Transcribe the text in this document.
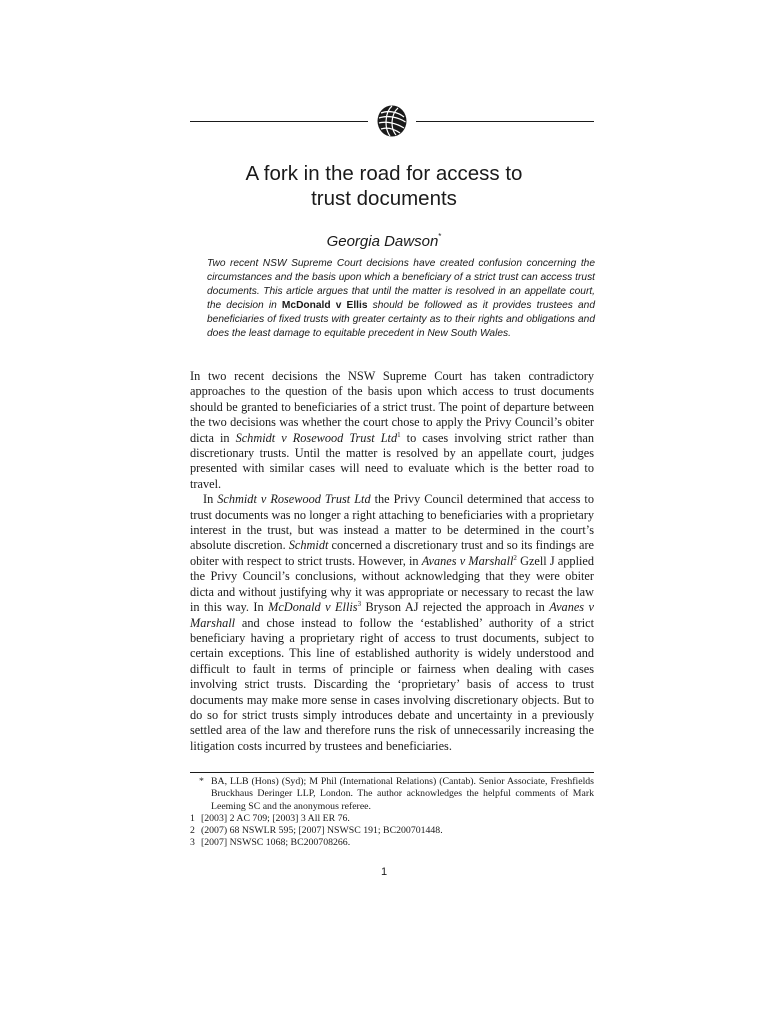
A fork in the road for access to
trust documents
Georgia Dawson*
Two recent NSW Supreme Court decisions have created confusion concerning the circumstances and the basis upon which a beneficiary of a strict trust can access trust documents. This article argues that until the matter is resolved in an appellate court, the decision in McDonald v Ellis should be followed as it provides trustees and beneficiaries of fixed trusts with greater certainty as to their rights and obligations and does the least damage to equitable precedent in New South Wales.

In two recent decisions the NSW Supreme Court has taken contradictory approaches to the question of the basis upon which access to trust documents should be granted to beneficiaries of a strict trust. The point of departure between the two decisions was whether the court chose to apply the Privy Council’s obiter dicta in Schmidt v Rosewood Trust Ltd$^1$ to cases involving strict rather than discretionary trusts. Until the matter is resolved by an appellate court, judges presented with similar cases will need to evaluate which is the better road to travel.

In Schmidt v Rosewood Trust Ltd the Privy Council determined that access to trust documents was no longer a right attaching to beneficiaries with a proprietary interest in the trust, but was instead a matter to be determined in the court’s absolute discretion. Schmidt concerned a discretionary trust and so its findings are obiter with respect to strict trusts. However, in Avanes v Marshall$^2$ Gzell J applied the Privy Council’s conclusions, without acknowledging that they were obiter dicta and without justifying why it was appropriate or necessary to recast the law in this way. In McDonald v Ellis$^3$ Bryson AJ rejected the approach in Avanes v Marshall and chose instead to follow the ‘established’ authority of a strict beneficiary having a proprietary right of access to trust documents, subject to certain exceptions. This line of established authority is widely understood and difficult to fault in terms of principle or fairness when dealing with cases involving strict trusts. Discarding the ‘proprietary’ basis of access to trust documents may make more sense in cases involving discretionary objects. But to do so for strict trusts simply introduces debate and uncertainty in a previously settled area of the law and therefore runs the risk of unnecessarily increasing the litigation costs incurred by trustees and beneficiaries.

* BA, LLB (Hons) (Syd); M Phil (International Relations) (Cantab). Senior Associate, Freshfields Bruckhaus Deringer LLP, London. The author acknowledges the helpful comments of Mark Leeming SC and the anonymous referee.
1 [2003] 2 AC 709; [2003] 3 All ER 76.
2 (2007) 68 NSWLR 595; [2007] NSWSC 191; BC200701448.
3 [2007] NSWSC 1068; BC200708266.
1
